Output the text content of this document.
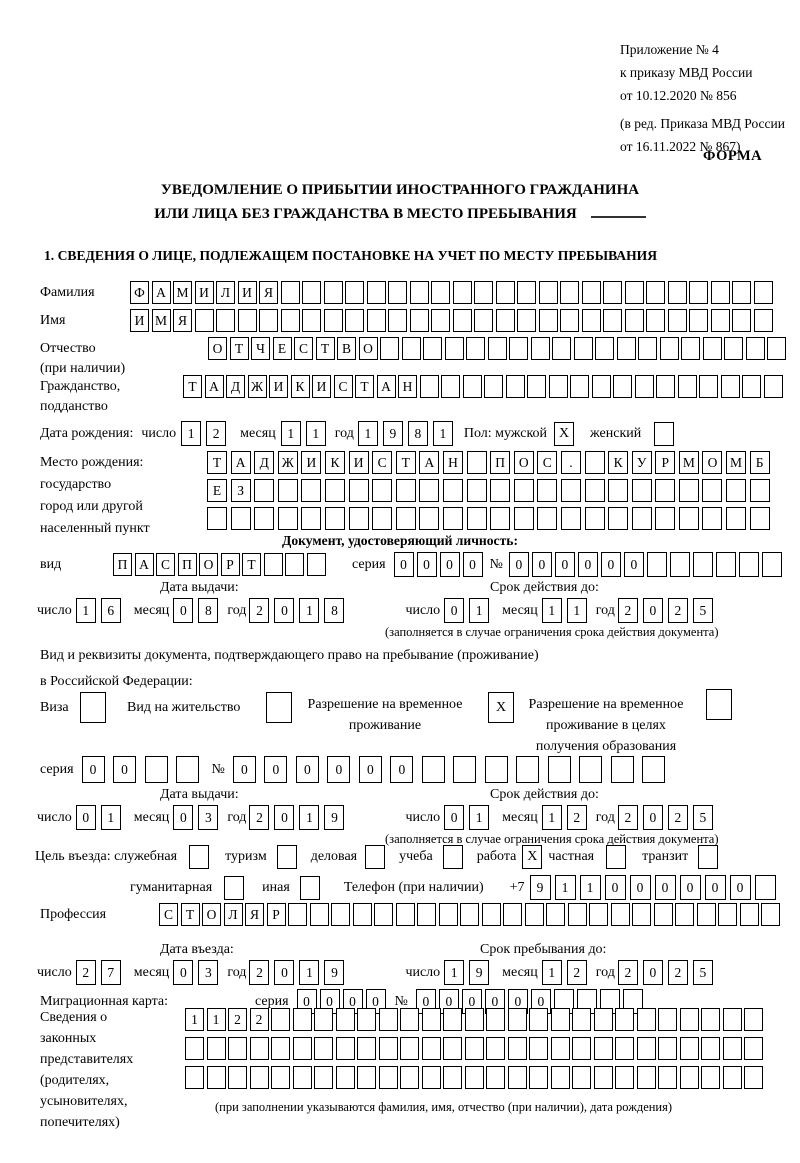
Приложение № 4
к приказу МВД России
от 10.12.2020 № 856
(в ред. Приказа МВД России
от 16.11.2022 № 867)
ФОРМА
УВЕДОМЛЕНИЕ О ПРИБЫТИИ ИНОСТРАННОГО ГРАЖДАНИНА
ИЛИ ЛИЦА БЕЗ ГРАЖДАНСТВА В МЕСТО ПРЕБЫВАНИЯ
1. СВЕДЕНИЯ О ЛИЦЕ, ПОДЛЕЖАЩЕМ ПОСТАНОВКЕ НА УЧЕТ ПО МЕСТУ ПРЕБЫВАНИЯ
Фамилия	Ф А М И Л И Я
Имя	И М Я
Отчество	О Т Ч Е С Т В О
(при наличии)
Гражданство,	Т А Д Ж И К И С Т А Н
подданство
Дата рождения: число 1	2	месяц 1	1	год 1	9	8	1	Пол: мужской X	женский
Место рождения:
государство
город или другой
населенный пункт
Т	А	Д Ж И	К	И	С	Т	А	Н	П	О	С	.	К	У	Р	М О М	Б
Е	З
Документ, удостоверяющий личность:
вид	П А С П О Р	Т	серия	0	0	0	0 № 0	0	0	0	0	0
Дата выдачи:	Срок действия до:
число 1	6	месяц 0	8	год 2	0	1	8	число 0	1	месяц 1	1	год 2	0	2	5
(заполняется в случае ограничения срока действия документа)
Вид и реквизиты документа, подтверждающего право на пребывание (проживание)
в Российской Федерации:
Виза	Вид на жительство	Разрешение на временное
проживание
X	Разрешение на временное
проживание в целях
получения образования
серия	0	0	№	0	0	0	0	0	0
Дата выдачи:	Срок действия до:
число 0	1	месяц 0	3	год 2	0	1	9	число 0	1	месяц 1	2	год 2	0	2	5
(заполняется в случае ограничения срока действия документа)
Цель въезда: служебная	туризм	деловая	учеба	работа X частная	транзит
гуманитарная	иная	Телефон (при наличии) +7 9	1	1	0	0	0	0	0	0
Профессия	С Т О Л Я Р
Дата въезда:	Срок пребывания до:
число 2	7	месяц 0	3	год 2	0	1	9	число 1	9	месяц 1	2	год 2	0	2	5
Миграционная карта:	серия	0	0	0	0	№	0	0	0	0	0	0
Сведения о
законных
представителях
(родителях,
усыновителях,
попечителях)
1	1	2	2
(при заполнении указываются фамилия, имя, отчество (при наличии), дата рождения)
